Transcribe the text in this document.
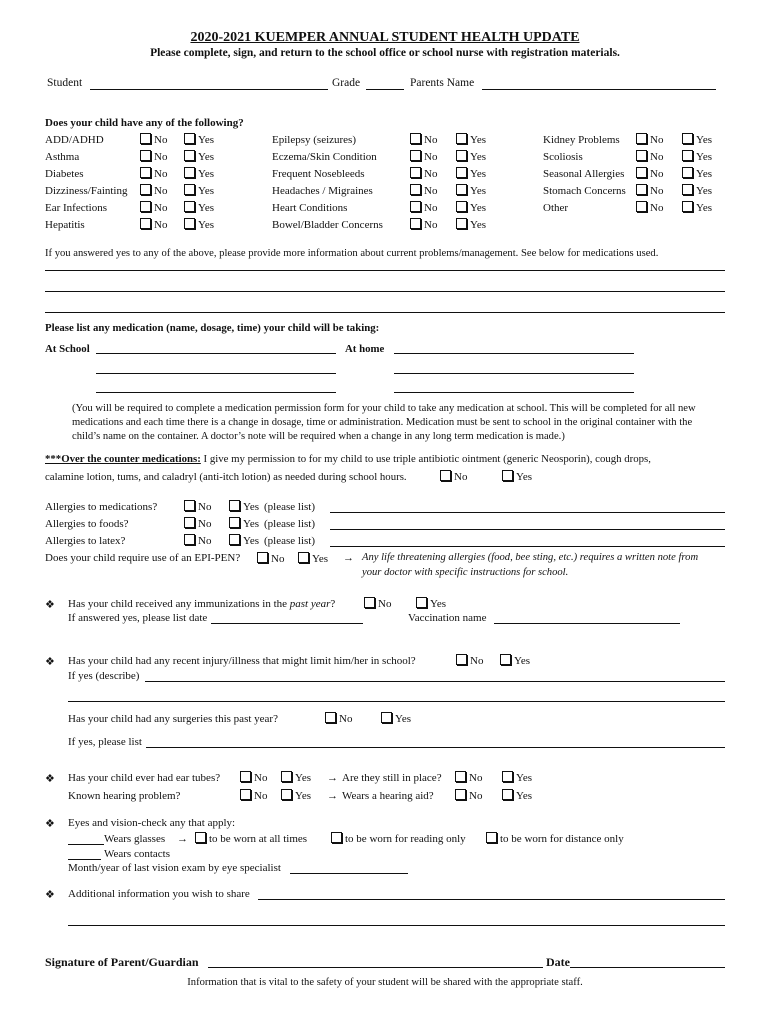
2020-2021 KUEMPER ANNUAL STUDENT HEALTH UPDATE
Please complete, sign, and return to the school office or school nurse with registration materials.
Student	Grade	Parents Name
Does your child have any of the following?
ADD/ADHD	No	Yes
Asthma	No	Yes
Diabetes	No	Yes
Dizziness/Fainting	No	Yes
Ear Infections	No	Yes
Hepatitis	No	Yes
Epilepsy (seizures)	No	Yes
Eczema/Skin Condition	No	Yes
Frequent Nosebleeds	No	Yes
Headaches / Migraines	No	Yes
Heart Conditions	No	Yes
Bowel/Bladder Concerns	No	Yes
Kidney Problems	No	Yes
Scoliosis	No	Yes
Seasonal Allergies	No	Yes
Stomach Concerns	No	Yes
Other	No	Yes
If you answered yes to any of the above, please provide more information about current problems/management. See below for medications used.
Please list any medication (name, dosage, time) your child will be taking:
At School	At home
(You will be required to complete a medication permission form for your child to take any medication at school. This will be completed for all new medications and each time there is a change in dosage, time or administration. Medication must be sent to school in the original container with the child’s name on the container. A doctor’s note will be required when a change in any long term medication is made.)
***Over the counter medications: I give my permission to for my child to use triple antibiotic ointment (generic Neosporin), cough drops,
calamine lotion, tums, and caladryl (anti-itch lotion) as needed during school hours.	No	Yes
Allergies to medications?	No	Yes (please list)
Allergies to foods?	No	Yes (please list)
Allergies to latex?	No	Yes (please list)
Does your child require use of an EPI-PEN?	No	Yes → Any life threatening allergies (food, bee sting, etc.) requires a written note from
your doctor with specific instructions for school.
❖ Has your child received any immunizations in the past year?	No	Yes
If answered yes, please list date	Vaccination name
❖ Has your child had any recent injury/illness that might limit him/her in school?	No	Yes
If yes (describe)
Has your child had any surgeries this past year?	No	Yes
If yes, please list
❖ Has your child ever had ear tubes?	No	Yes → Are they still in place?	No	Yes
Known hearing problem?	No	Yes → Wears a hearing aid?	No	Yes
❖ Eyes and vision-check any that apply:
Wears glasses →	to be worn at all times	to be worn for reading only	to be worn for distance only
Wears contacts
Month/year of last vision exam by eye specialist
❖ Additional information you wish to share
Signature of Parent/Guardian	Date
Information that is vital to the safety of your student will be shared with the appropriate staff.
